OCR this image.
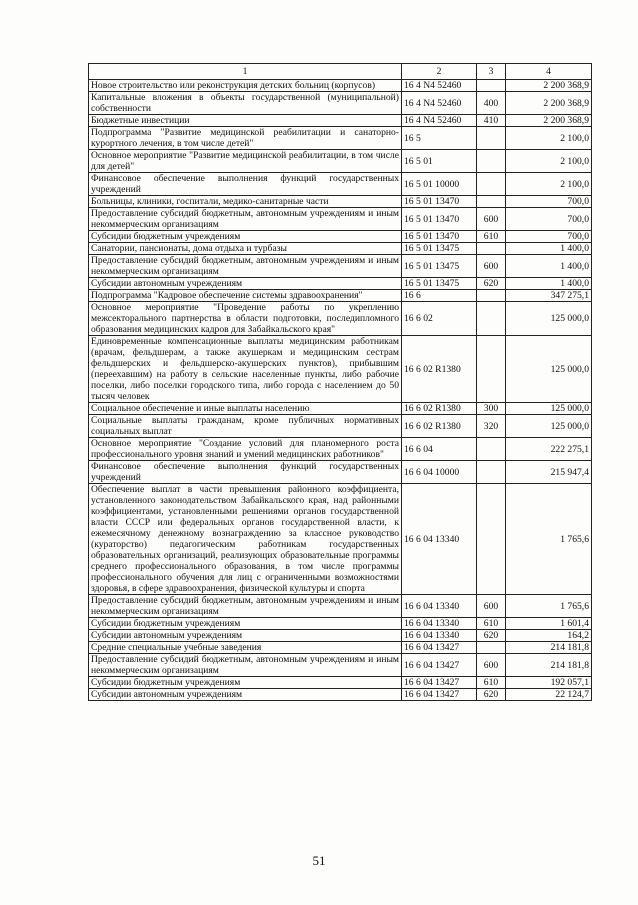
1	2	3	4
Новое строительство или реконструкция детских больниц (корпусов)	16 4 N4 52460		2 200 368,9
Капитальные вложения в объекты государственной (муниципальной) собственности	16 4 N4 52460	400	2 200 368,9
Бюджетные инвестиции	16 4 N4 52460	410	2 200 368,9
Подпрограмма "Развитие медицинской реабилитации и санаторно-курортного лечения, в том числе детей"	16 5		2 100,0
Основное мероприятие "Развитие медицинской реабилитации, в том числе для детей"	16 5 01		2 100,0
Финансовое обеспечение выполнения функций государственных учреждений	16 5 01 10000		2 100,0
Больницы, клиники, госпитали, медико-санитарные части	16 5 01 13470		700,0
Предоставление субсидий бюджетным, автономным учреждениям и иным некоммерческим организациям	16 5 01 13470	600	700,0
Субсидии бюджетным учреждениям	16 5 01 13470	610	700,0
Санатории, пансионаты, дома отдыха и турбазы	16 5 01 13475		1 400,0
Предоставление субсидий бюджетным, автономным учреждениям и иным некоммерческим организациям	16 5 01 13475	600	1 400,0
Субсидии автономным учреждениям	16 5 01 13475	620	1 400,0
Подпрограмма "Кадровое обеспечение системы здравоохранения"	16 6		347 275,1
Основное мероприятие "Проведение работы по укреплению межсекторального партнерства в области подготовки, последипломного образования медицинских кадров для Забайкальского края"	16 6 02		125 000,0
Единовременные компенсационные выплаты медицинским работникам (врачам, фельдшерам, а также акушеркам и медицинским сестрам фельдшерских и фельдшерско-акушерских пунктов), прибывшим (переехавшим) на работу в сельские населенные пункты, либо рабочие поселки, либо поселки городского типа, либо города с населением до 50 тысяч человек	16 6 02 R1380		125 000,0
Социальное обеспечение и иные выплаты населению	16 6 02 R1380	300	125 000,0
Социальные выплаты гражданам, кроме публичных нормативных социальных выплат	16 6 02 R1380	320	125 000,0
Основное мероприятие "Создание условий для планомерного роста профессионального уровня знаний и умений медицинских работников"	16 6 04		222 275,1
Финансовое обеспечение выполнения функций государственных учреждений	16 6 04 10000		215 947,4
Обеспечение выплат в части превышения районного коэффициента, установленного законодательством Забайкальского края, над районными коэффициентами, установленными решениями органов государственной власти СССР или федеральных органов государственной власти, к ежемесячному денежному вознаграждению за классное руководство (кураторство) педагогическим работникам государственных образовательных организаций, реализующих образовательные программы среднего профессионального образования, в том числе программы профессионального обучения для лиц с ограниченными возможностями здоровья, в сфере здравоохранения, физической культуры и спорта	16 6 04 13340		1 765,6
Предоставление субсидий бюджетным, автономным учреждениям и иным некоммерческим организациям	16 6 04 13340	600	1 765,6
Субсидии бюджетным учреждениям	16 6 04 13340	610	1 601,4
Субсидии автономным учреждениям	16 6 04 13340	620	164,2
Средние специальные учебные заведения	16 6 04 13427		214 181,8
Предоставление субсидий бюджетным, автономным учреждениям и иным некоммерческим организациям	16 6 04 13427	600	214 181,8
Субсидии бюджетным учреждениям	16 6 04 13427	610	192 057,1
Субсидии автономным учреждениям	16 6 04 13427	620	22 124,7
51
